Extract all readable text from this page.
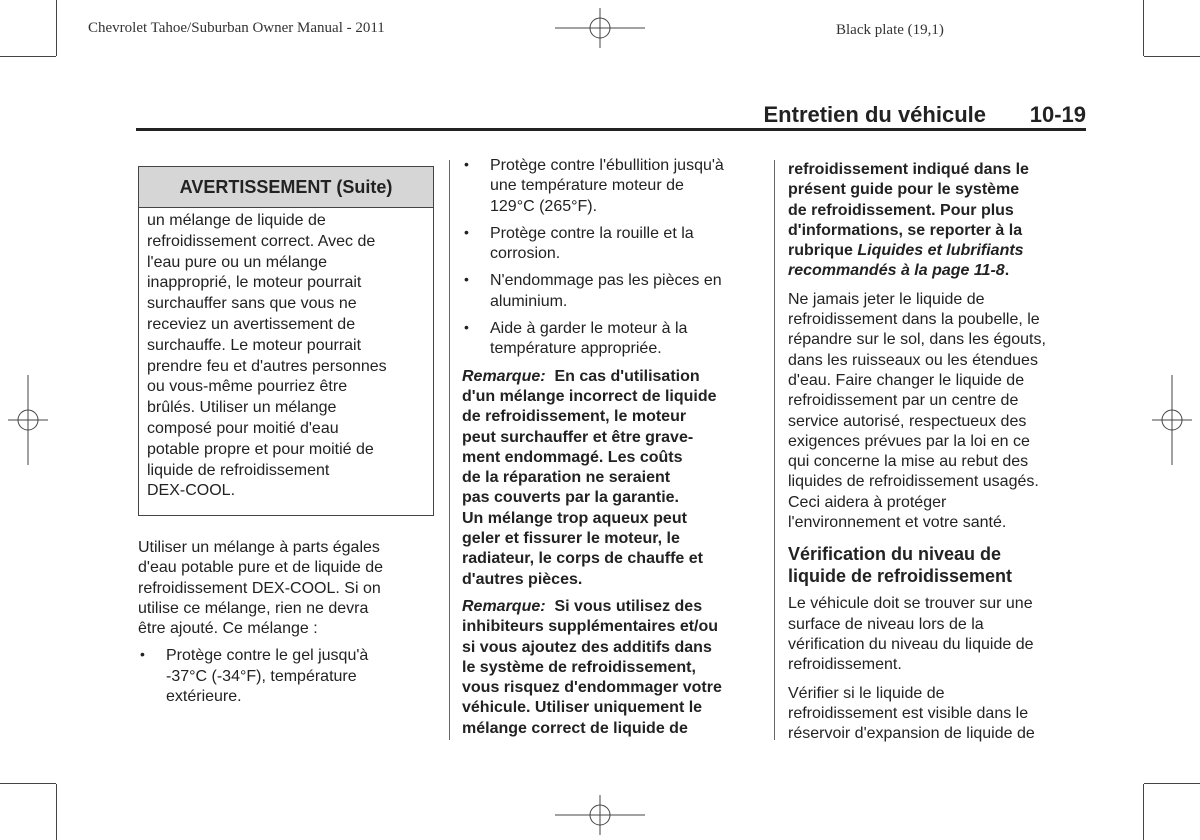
Chevrolet Tahoe/Suburban Owner Manual - 2011	Black plate (19,1)
Entretien du véhicule 10-19
AVERTISSEMENT (Suite)
un mélange de liquide de
refroidissement correct. Avec de
l'eau pure ou un mélange
inapproprié, le moteur pourrait
surchauffer sans que vous ne
receviez un avertissement de
surchauffe. Le moteur pourrait
prendre feu et d'autres personnes
ou vous-même pourriez être
brûlés. Utiliser un mélange
composé pour moitié d'eau
potable propre et pour moitié de
liquide de refroidissement
DEX-COOL.

Utiliser un mélange à parts égales
d'eau potable pure et de liquide de
refroidissement DEX-COOL. Si on
utilise ce mélange, rien ne devra
être ajouté. Ce mélange :

• Protège contre le gel jusqu'à
-37°C (-34°F), température
extérieure.
• Protège contre l'ébullition jusqu'à
une température moteur de
129°C (265°F).
• Protège contre la rouille et la
corrosion.
• N'endommage pas les pièces en
aluminium.
• Aide à garder le moteur à la
température appropriée.

Remarque: En cas d'utilisation
d'un mélange incorrect de liquide
de refroidissement, le moteur
peut surchauffer et être grave-
ment endommagé. Les coûts
de la réparation ne seraient
pas couverts par la garantie.
Un mélange trop aqueux peut
geler et fissurer le moteur, le
radiateur, le corps de chauffe et
d'autres pièces.

Remarque: Si vous utilisez des
inhibiteurs supplémentaires et/ou
si vous ajoutez des additifs dans
le système de refroidissement,
vous risquez d'endommager votre
véhicule. Utiliser uniquement le
mélange correct de liquide de

refroidissement indiqué dans le
présent guide pour le système
de refroidissement. Pour plus
d'informations, se reporter à la
rubrique Liquides et lubrifiants
recommandés à la page 11-8.

Ne jamais jeter le liquide de
refroidissement dans la poubelle, le
répandre sur le sol, dans les égouts,
dans les ruisseaux ou les étendues
d'eau. Faire changer le liquide de
refroidissement par un centre de
service autorisé, respectueux des
exigences prévues par la loi en ce
qui concerne la mise au rebut des
liquides de refroidissement usagés.
Ceci aidera à protéger
l'environnement et votre santé.

Vérification du niveau de
liquide de refroidissement

Le véhicule doit se trouver sur une
surface de niveau lors de la
vérification du niveau du liquide de
refroidissement.

Vérifier si le liquide de
refroidissement est visible dans le
réservoir d'expansion de liquide de
